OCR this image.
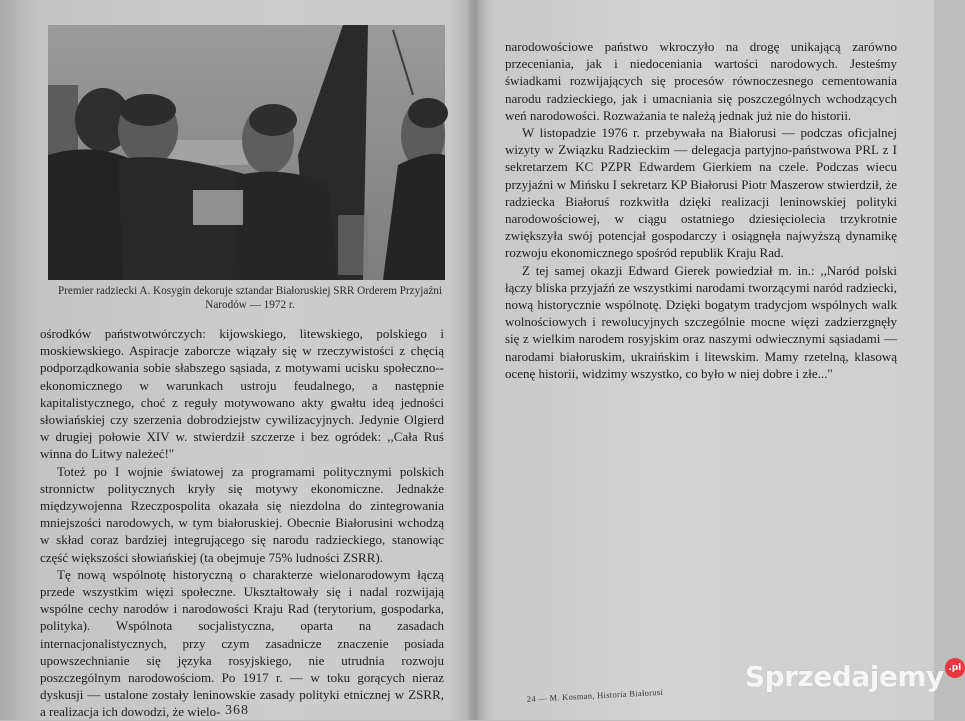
Premier radziecki A. Kosygin dekoruje sztandar Białoruskiej SRR Orderem Przyjaźni Narodów — 1972 r.

ośrodków państwotwórczych: kijowskiego, litewskiego, polskiego i moskiewskiego. Aspiracje zaborcze wiązały się w rzeczywistości z chęcią podporządkowania sobie słabszego sąsiada, z motywami ucisku społeczno--ekonomicznego w warunkach ustroju feudalnego, a następnie kapitalistycznego, choć z reguły motywowano akty gwałtu ideą jedności słowiańskiej czy szerzenia dobrodziejstw cywilizacyjnych. Jedynie Olgierd w drugiej połowie XIV w. stwierdził szczerze i bez ogródek: ,,Cała Ruś winna do Litwy należeć!"

Toteż po I wojnie światowej za programami politycznymi polskich stronnictw politycznych kryły się motywy ekonomiczne. Jednakże międzywojenna Rzeczpospolita okazała się niezdolna do zintegrowania mniejszości narodowych, w tym białoruskiej. Obecnie Białorusini wchodzą w skład coraz bardziej integrującego się narodu radzieckiego, stanowiąc część większości słowiańskiej (ta obejmuje 75% ludności ZSRR).

Tę nową wspólnotę historyczną o charakterze wielonarodowym łączą przede wszystkim więzi społeczne. Ukształtowały się i nadal rozwijają wspólne cechy narodów i narodowości Kraju Rad (terytorium, gospodarka, polityka). Wspólnota socjalistyczna, oparta na zasadach internacjonalistycznych, przy czym zasadnicze znaczenie posiada upowszechnianie się języka rosyjskiego, nie utrudnia rozwoju poszczególnym narodowościom. Po 1917 r. — w toku gorących nieraz dyskusji — ustalone zostały leninowskie zasady polityki etnicznej w ZSRR, a realizacja ich dowodzi, że wielo- 368

narodowościowe państwo wkroczyło na drogę unikającą zarówno przeceniania, jak i niedoceniania wartości narodowych. Jesteśmy świadkami rozwijających się procesów równoczesnego cementowania narodu radzieckiego, jak i umacniania się poszczególnych wchodzących weń narodowości. Rozważania te należą jednak już nie do historii.

W listopadzie 1976 r. przebywała na Białorusi — podczas oficjalnej wizyty w Związku Radzieckim — delegacja partyjno-państwowa PRL z I sekretarzem KC PZPR Edwardem Gierkiem na czele. Podczas wiecu przyjaźni w Mińsku I sekretarz KP Białorusi Piotr Maszerow stwierdził, że radziecka Białoruś rozkwitła dzięki realizacji leninowskiej polityki narodowościowej, w ciągu ostatniego dziesięciolecia trzykrotnie zwiększyła swój potencjał gospodarczy i osiągnęła najwyższą dynamikę rozwoju ekonomicznego spośród republik Kraju Rad.

Z tej samej okazji Edward Gierek powiedział m. in.: ,,Naród polski łączy bliska przyjaźń ze wszystkimi narodami tworzącymi naród radziecki, nową historycznie wspólnotę. Dzięki bogatym tradycjom wspólnych walk wolnościowych i rewolucyjnych szczególnie mocne więzi zadzierzgnęły się z wielkim narodem rosyjskim oraz naszymi odwiecznymi sąsiadami — narodami białoruskim, ukraińskim i litewskim. Mamy rzetelną, klasową ocenę historii, widzimy wszystko, co było w niej dobre i złe..."

24 — M. Kosman, Historia Białorusi
Sprzedajemy .pl
